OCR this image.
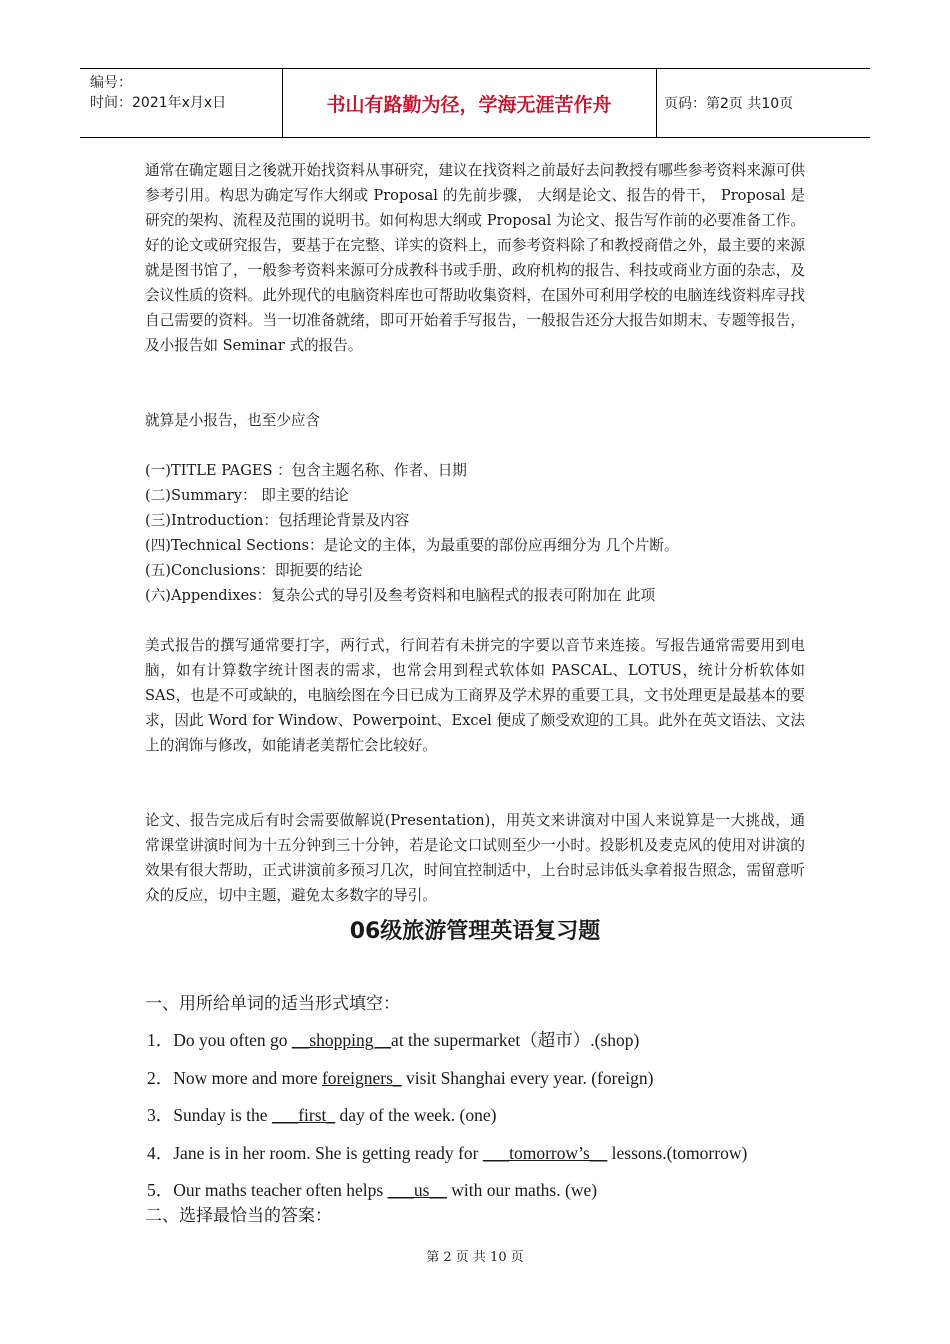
编号：
时间：2021年x月x日	书山有路勤为径，学海无涯苦作舟	页码：第2页 共10页

通常在确定题目之後就开始找资料从事研究，建议在找资料之前最好去问教授有哪些参考资料来源可供参考引用。构思为确定写作大纲或 Proposal 的先前步骤， 大纲是论文、报告的骨干， Proposal 是研究的架构、流程及范围的说明书。如何构思大纲或 Proposal 为论文、报告写作前的必要准备工作。好的论文或研究报告，要基于在完整、详实的资料上，而参考资料除了和教授商借之外，最主要的来源就是图书馆了，一般参考资料来源可分成教科书或手册、政府机构的报告、科技或商业方面的杂志，及会议性质的资料。此外现代的电脑资料库也可帮助收集资料，在国外可利用学校的电脑连线资料库寻找自己需要的资料。当一切准备就绪，即可开始着手写报告，一般报告还分大报告如期末、专题等报告，及小报告如 Seminar 式的报告。

就算是小报告，也至少应含
(一)TITLE PAGES ：包含主题名称、作者、日期
(二)Summary： 即主要的结论
(三)Introduction：包括理论背景及内容
(四)Technical Sections：是论文的主体，为最重要的部份应再细分为 几个片断。
(五)Conclusions：即扼要的结论
(六)Appendixes：复杂公式的导引及叁考资料和电脑程式的报表可附加在 此项

美式报告的撰写通常要打字，两行式，行间若有未拼完的字要以音节来连接。写报告通常需要用到电脑，如有计算数字统计图表的需求，也常会用到程式软体如 PASCAL、LOTUS，统计分析软体如 SAS，也是不可或缺的，电脑绘图在今日已成为工商界及学术界的重要工具，文书处理更是最基本的要求，因此 Word for Window、Powerpoint、Excel 便成了颇受欢迎的工具。此外在英文语法、文法上的润饰与修改，如能请老美帮忙会比较好。

论文、报告完成后有时会需要做解说(Presentation)，用英文来讲演对中国人来说算是一大挑战，通常课堂讲演时间为十五分钟到三十分钟，若是论文口试则至少一小时。投影机及麦克风的使用对讲演的效果有很大帮助，正式讲演前多预习几次，时间宜控制适中，上台时忌讳低头拿着报告照念，需留意听众的反应，切中主题，避免太多数字的导引。

06级旅游管理英语复习题
一、用所给单词的适当形式填空：
1．Do you often go __shopping__at the supermarket（超市）.(shop)
2．Now more and more foreigners_ visit Shanghai every year. (foreign)
3．Sunday is the ___first_ day of the week. (one)
4．Jane is in her room. She is getting ready for ___tomorrow’s__ lessons.(tomorrow)
5．Our maths teacher often helps ___us__ with our maths. (we)
二、选择最恰当的答案：
第 2 页 共 10 页
